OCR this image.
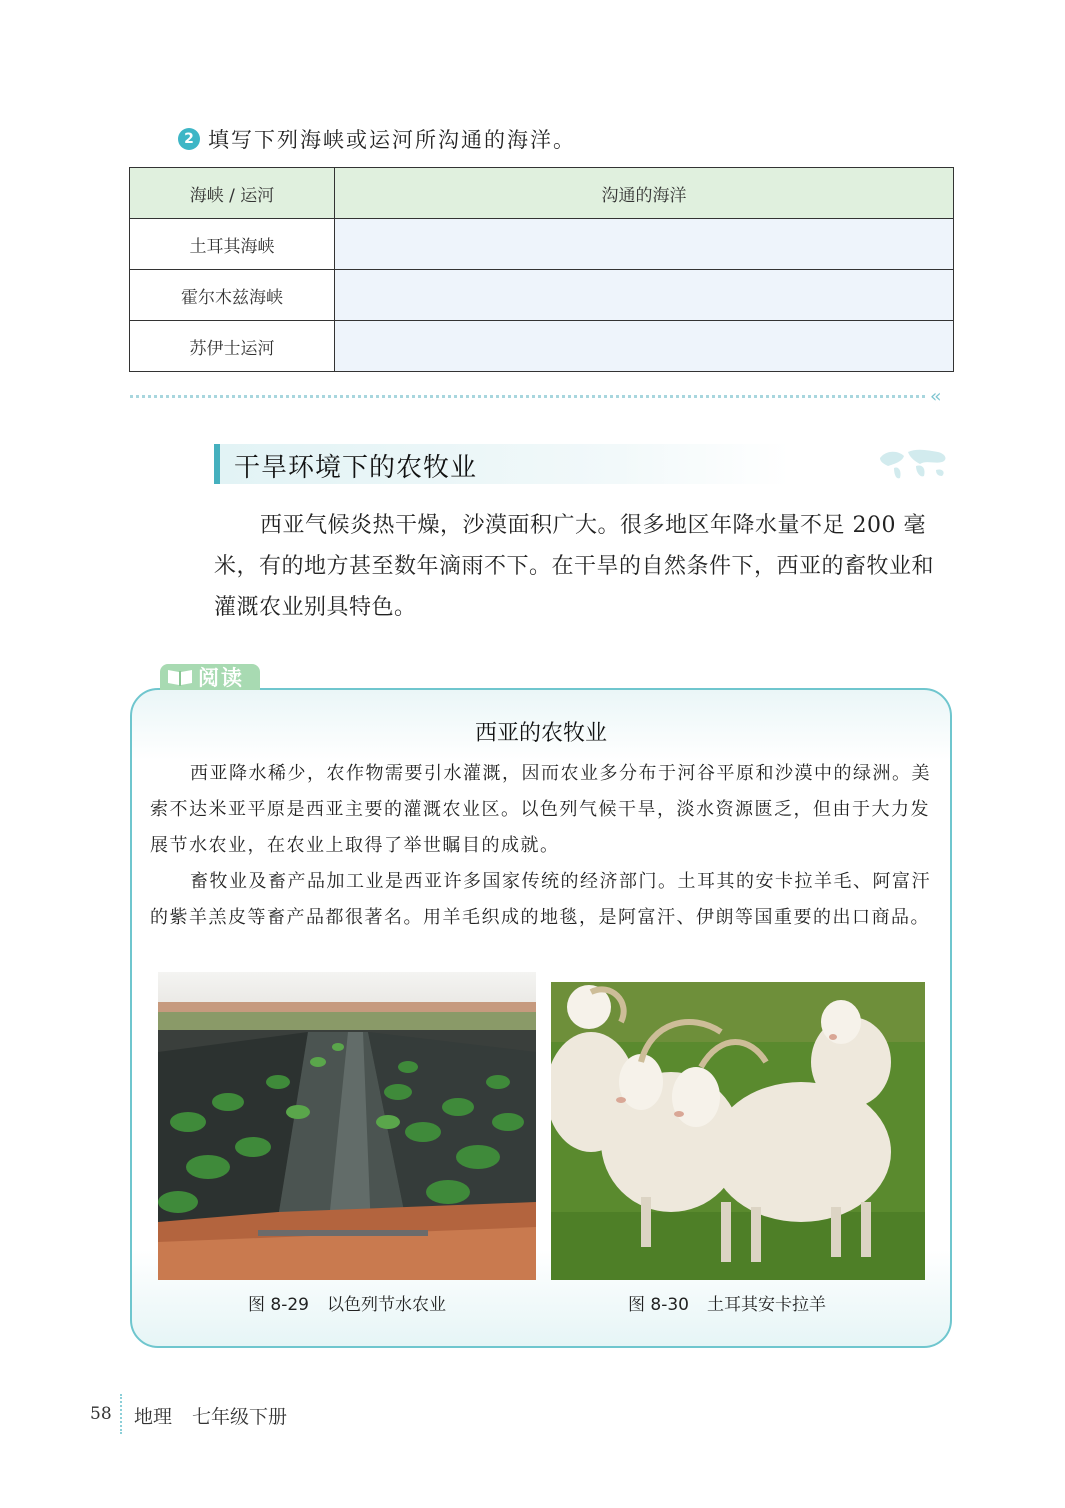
2 填写下列海峡或运河所沟通的海洋。
海峡 / 运河	沟通的海洋
土耳其海峡	
霍尔木兹海峡	
苏伊士运河	
‹‹
干旱环境下的农牧业

西亚气候炎热干燥，沙漠面积广大。很多地区年降水量不足 200 毫米，有的地方甚至数年滴雨不下。在干旱的自然条件下，西亚的畜牧业和灌溉农业别具特色。

阅读
西亚的农牧业

西亚降水稀少，农作物需要引水灌溉，因而农业多分布于河谷平原和沙漠中的绿洲。美索不达米亚平原是西亚主要的灌溉农业区。以色列气候干旱，淡水资源匮乏，但由于大力发展节水农业，在农业上取得了举世瞩目的成就。

畜牧业及畜产品加工业是西亚许多国家传统的经济部门。土耳其的安卡拉羊毛、阿富汗的紫羊羔皮等畜产品都很著名。用羊毛织成的地毯，是阿富汗、伊朗等国重要的出口商品。

图 8-29 以色列节水农业	图 8-30 土耳其安卡拉羊
58 地理 七年级下册
